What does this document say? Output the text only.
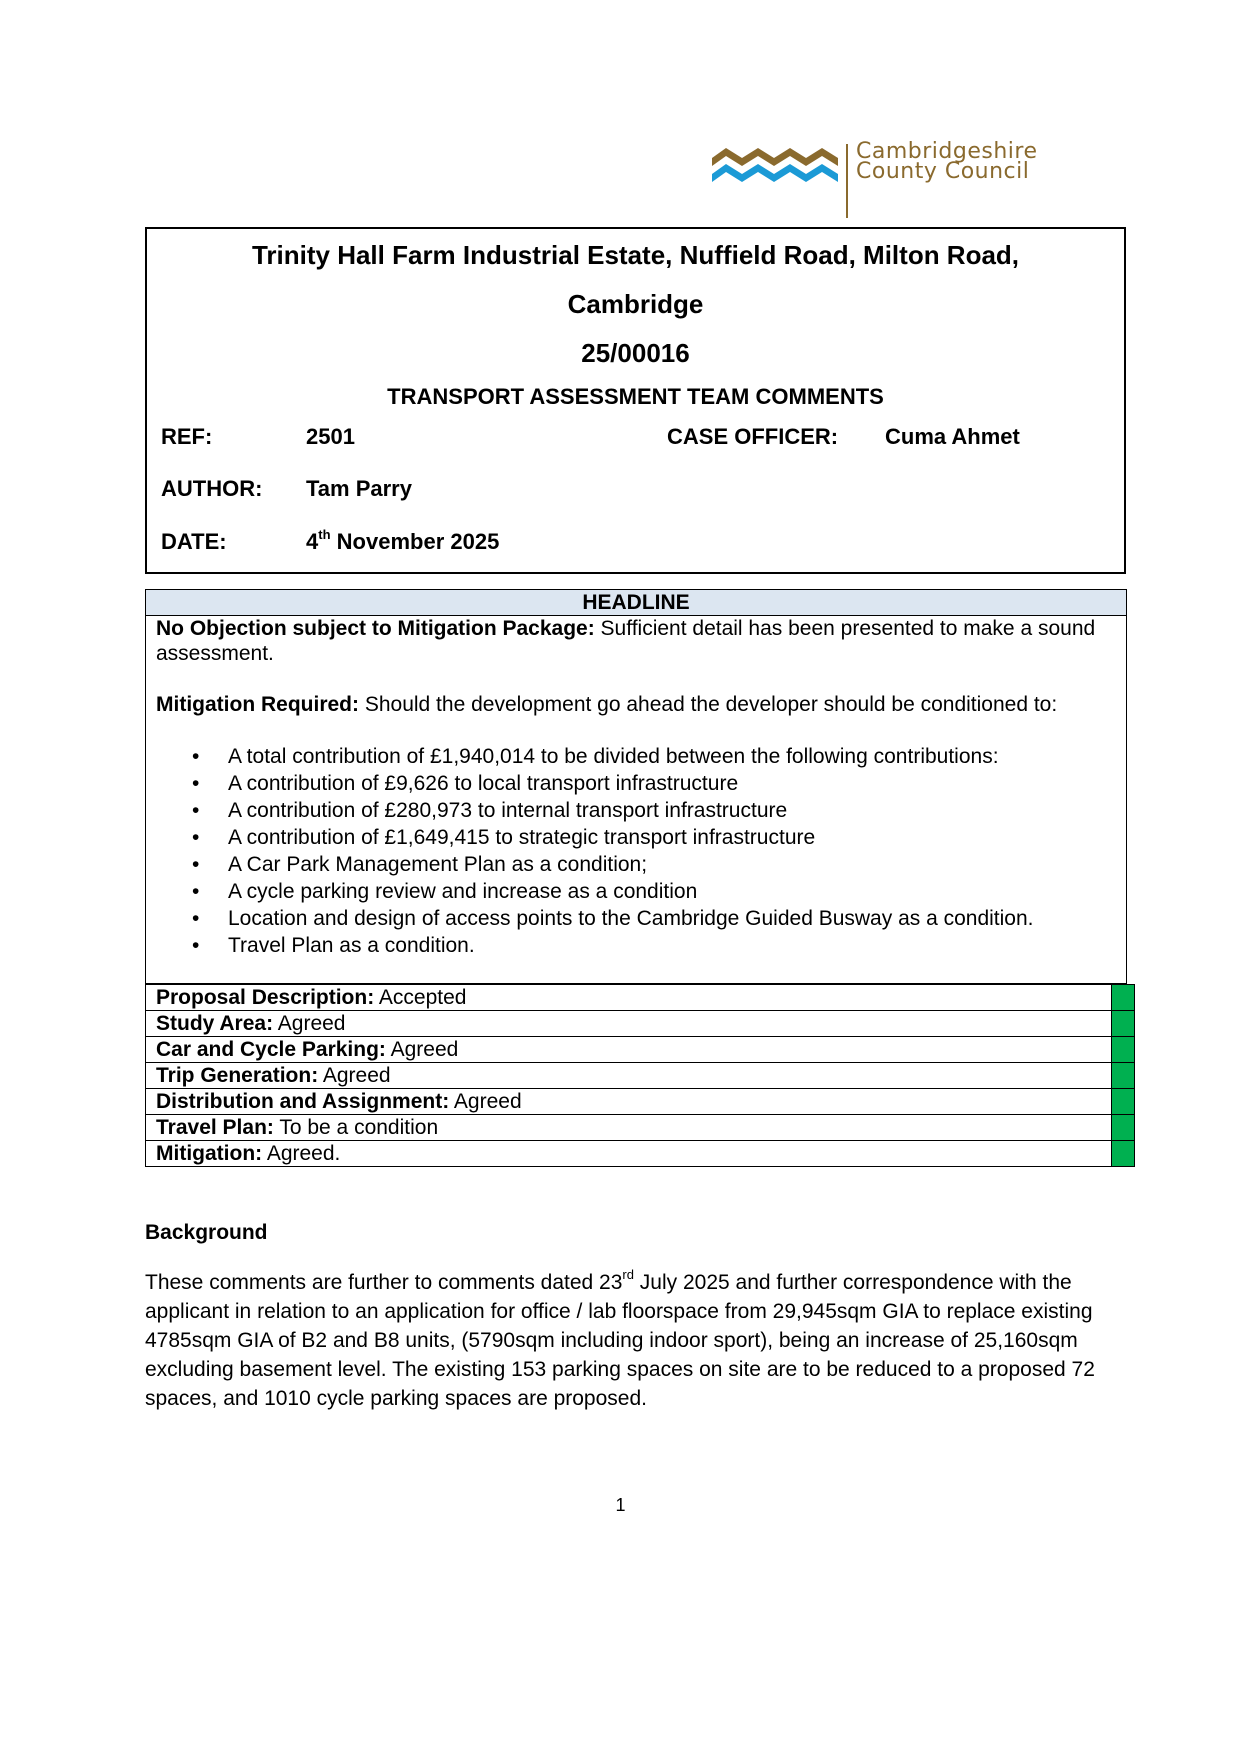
Cambridgeshire
County Council
Trinity Hall Farm Industrial Estate, Nuffield Road, Milton Road,
Cambridge
25/00016
TRANSPORT ASSESSMENT TEAM COMMENTS
REF:	2501	CASE OFFICER: Cuma Ahmet
AUTHOR: Tam Parry
DATE:	4th November 2025
HEADLINE

No Objection subject to Mitigation Package: Sufficient detail has been presented to make a sound assessment.

Mitigation Required: Should the development go ahead the developer should be conditioned to:

• A total contribution of £1,940,014 to be divided between the following contributions:
• A contribution of £9,626 to local transport infrastructure
• A contribution of £280,973 to internal transport infrastructure
• A contribution of £1,649,415 to strategic transport infrastructure
• A Car Park Management Plan as a condition;
• A cycle parking review and increase as a condition
• Location and design of access points to the Cambridge Guided Busway as a condition.
• Travel Plan as a condition.
Proposal Description: Accepted	
Study Area: Agreed	
Car and Cycle Parking: Agreed	
Trip Generation: Agreed	
Distribution and Assignment: Agreed	
Travel Plan: To be a condition	
Mitigation: Agreed.	
Background

These comments are further to comments dated 23rd July 2025 and further correspondence with the applicant in relation to an application for office / lab floorspace from 29,945sqm GIA to replace existing 4785sqm GIA of B2 and B8 units, (5790sqm including indoor sport), being an increase of 25,160sqm excluding basement level. The existing 153 parking spaces on site are to be reduced to a proposed 72 spaces, and 1010 cycle parking spaces are proposed.

1
